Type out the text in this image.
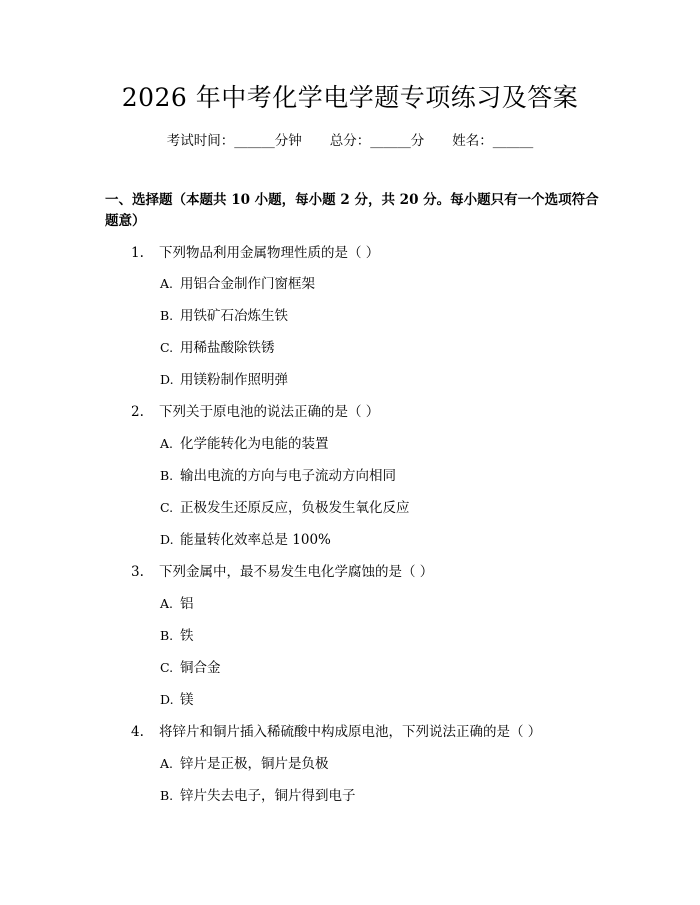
2026 年中考化学电学题专项练习及答案
考试时间：______分钟 总分：______分 姓名：______

一、选择题（本题共 10 小题，每小题 2 分，共 20 分。每小题只有一个选项符合题意）

1. 下列物品利用金属物理性质的是（ ）
A. 用铝合金制作门窗框架
B. 用铁矿石冶炼生铁
C. 用稀盐酸除铁锈
D. 用镁粉制作照明弹
2. 下列关于原电池的说法正确的是（ ）
A. 化学能转化为电能的装置
B. 输出电流的方向与电子流动方向相同
C. 正极发生还原反应，负极发生氧化反应
D. 能量转化效率总是 100%
3. 下列金属中，最不易发生电化学腐蚀的是（ ）
A. 铝
B. 铁
C. 铜合金
D. 镁
4. 将锌片和铜片插入稀硫酸中构成原电池，下列说法正确的是（ ）
A. 锌片是正极，铜片是负极
B. 锌片失去电子，铜片得到电子
